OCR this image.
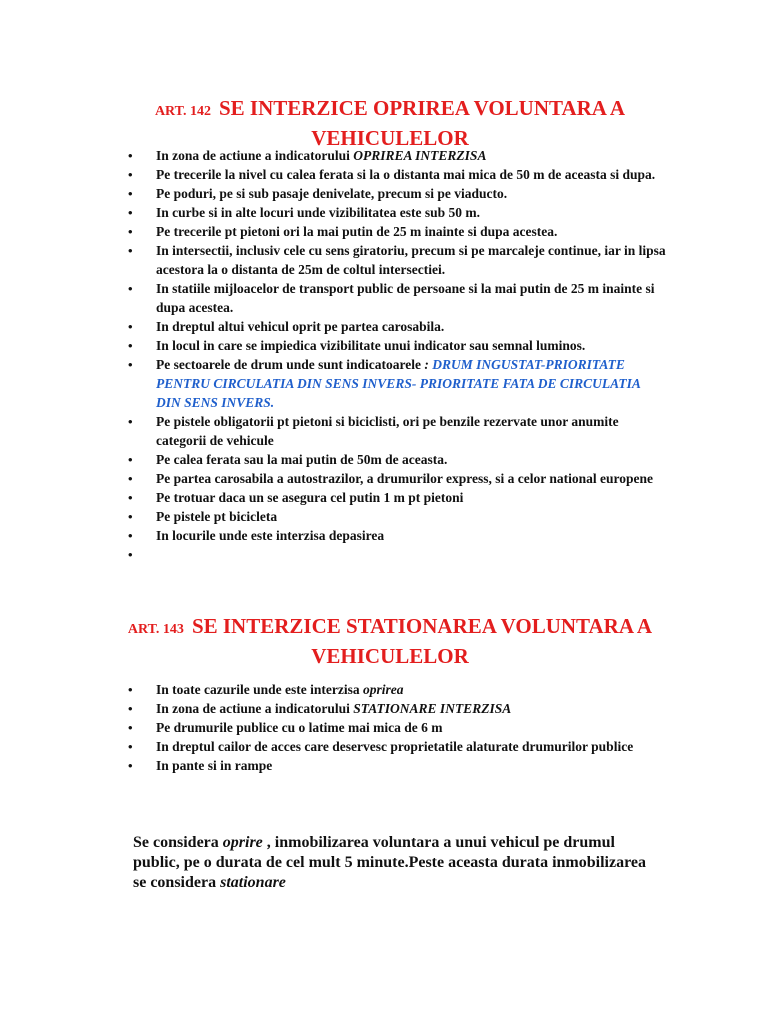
ART. 142 SE INTERZICE OPRIREA VOLUNTARA A VEHICULELOR
• In zona de actiune a indicatorului OPRIREA INTERZISA
• Pe trecerile la nivel cu calea ferata si la o distanta mai mica de 50 m de aceasta si dupa.
• Pe poduri, pe si sub pasaje denivelate, precum si pe viaducto.
• In curbe si in alte locuri unde vizibilitatea este sub 50 m.
• Pe trecerile pt pietoni ori la mai putin de 25 m inainte si dupa acestea.
• In intersectii, inclusiv cele cu sens giratoriu, precum si pe marcaleje continue, iar in lipsa acestora la o distanta de 25m de coltul intersectiei.
• In statiile mijloacelor de transport public de persoane si la mai putin de 25 m inainte si dupa acestea.
• In dreptul altui vehicul oprit pe partea carosabila.
• In locul in care se impiedica vizibilitate unui indicator sau semnal luminos.
• Pe sectoarele de drum unde sunt indicatoarele : DRUM INGUSTAT-PRIORITATE PENTRU CIRCULATIA DIN SENS INVERS- PRIORITATE FATA DE CIRCULATIA DIN SENS INVERS.
• Pe pistele obligatorii pt pietoni si biciclisti, ori pe benzile rezervate unor anumite categorii de vehicule
• Pe calea ferata sau la mai putin de 50m de aceasta.
• Pe partea carosabila a autostrazilor, a drumurilor express, si a celor national europene
• Pe trotuar daca un se asegura cel putin 1 m pt pietoni
• Pe pistele pt bicicleta
• In locurile unde este interzisa depasirea
ART. 143 SE INTERZICE STATIONAREA VOLUNTARA A VEHICULELOR
• In toate cazurile unde este interzisa oprirea
• In zona de actiune a indicatorului STATIONARE INTERZISA
• Pe drumurile publice cu o latime mai mica de 6 m
• In dreptul cailor de acces care deservesc proprietatile alaturate drumurilor publice
• In pante si in rampe
Se considera oprire , inmobilizarea voluntara a unui vehicul pe drumul public, pe o durata de cel mult 5 minute.Peste aceasta durata inmobilizarea se considera stationare
